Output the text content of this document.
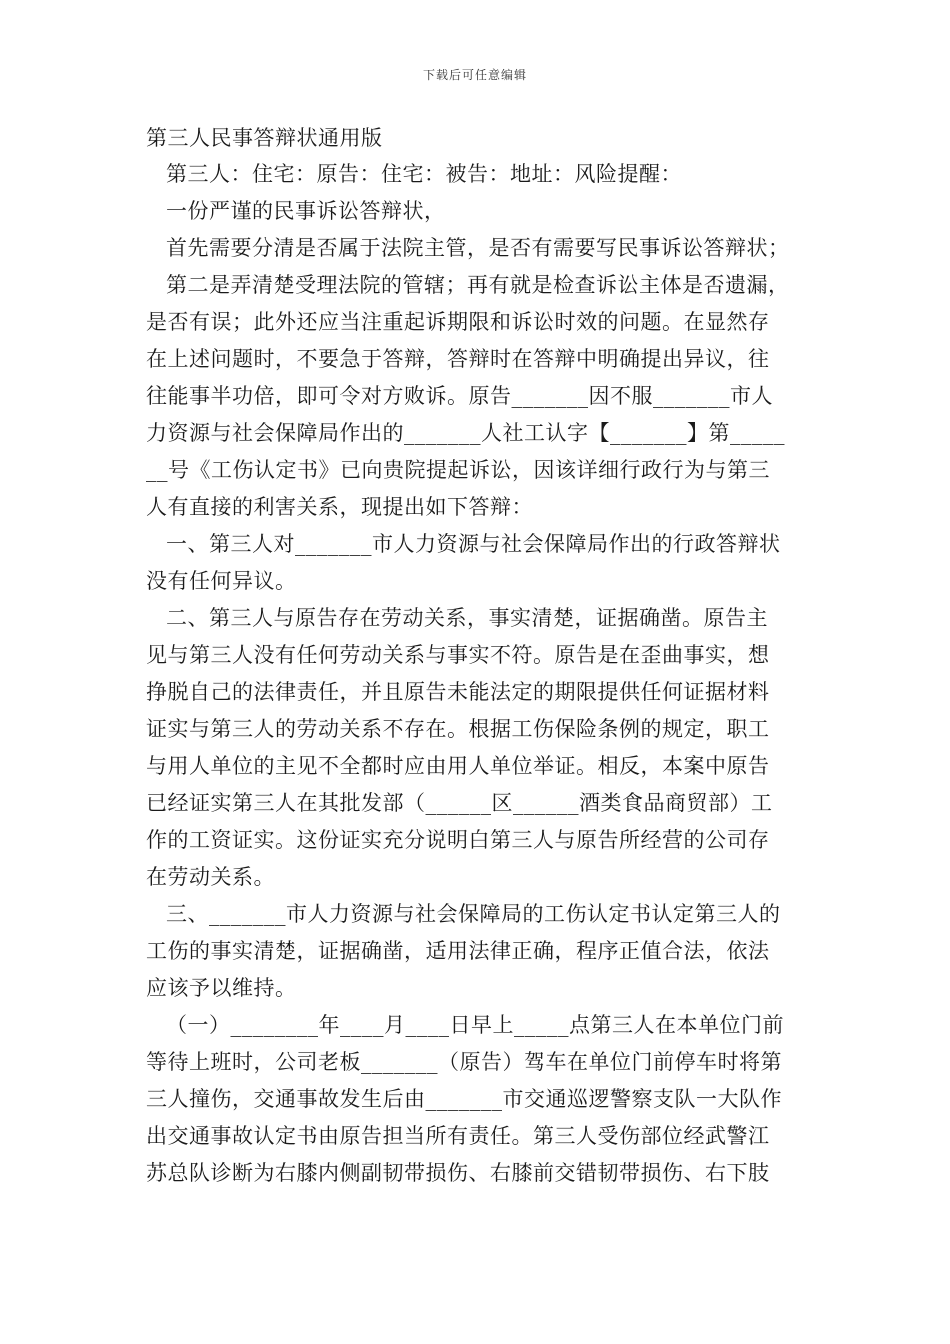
下载后可任意编辑
第三人民事答辩状通用版
第三人：住宅：原告：住宅：被告：地址：风险提醒：
一份严谨的民事诉讼答辩状，
首先需要分清是否属于法院主管，是否有需要写民事诉讼答辩状；
第二是弄清楚受理法院的管辖；再有就是检查诉讼主体是否遗漏，
是否有误；此外还应当注重起诉期限和诉讼时效的问题。在显然存
在上述问题时，不要急于答辩，答辩时在答辩中明确提出异议，往
往能事半功倍，即可令对方败诉。原告_______因不服_______市人
力资源与社会保障局作出的_______人社工认字【_______】第_____
__号《工伤认定书》已向贵院提起诉讼，因该详细行政行为与第三
人有直接的利害关系，现提出如下答辩：
一、第三人对_______市人力资源与社会保障局作出的行政答辩状
没有任何异议。
二、第三人与原告存在劳动关系，事实清楚，证据确凿。原告主
见与第三人没有任何劳动关系与事实不符。原告是在歪曲事实，想
挣脱自己的法律责任，并且原告未能法定的期限提供任何证据材料
证实与第三人的劳动关系不存在。根据工伤保险条例的规定，职工
与用人单位的主见不全都时应由用人单位举证。相反，本案中原告
已经证实第三人在其批发部（______区______酒类食品商贸部）工
作的工资证实。这份证实充分说明白第三人与原告所经营的公司存
在劳动关系。
三、_______市人力资源与社会保障局的工伤认定书认定第三人的
工伤的事实清楚，证据确凿，适用法律正确，程序正值合法，依法
应该予以维持。
（一）________年____月____日早上_____点第三人在本单位门前
等待上班时，公司老板_______（原告）驾车在单位门前停车时将第
三人撞伤，交通事故发生后由_______市交通巡逻警察支队一大队作
出交通事故认定书由原告担当所有责任。第三人受伤部位经武警江
苏总队诊断为右膝内侧副韧带损伤、右膝前交错韧带损伤、右下肢
